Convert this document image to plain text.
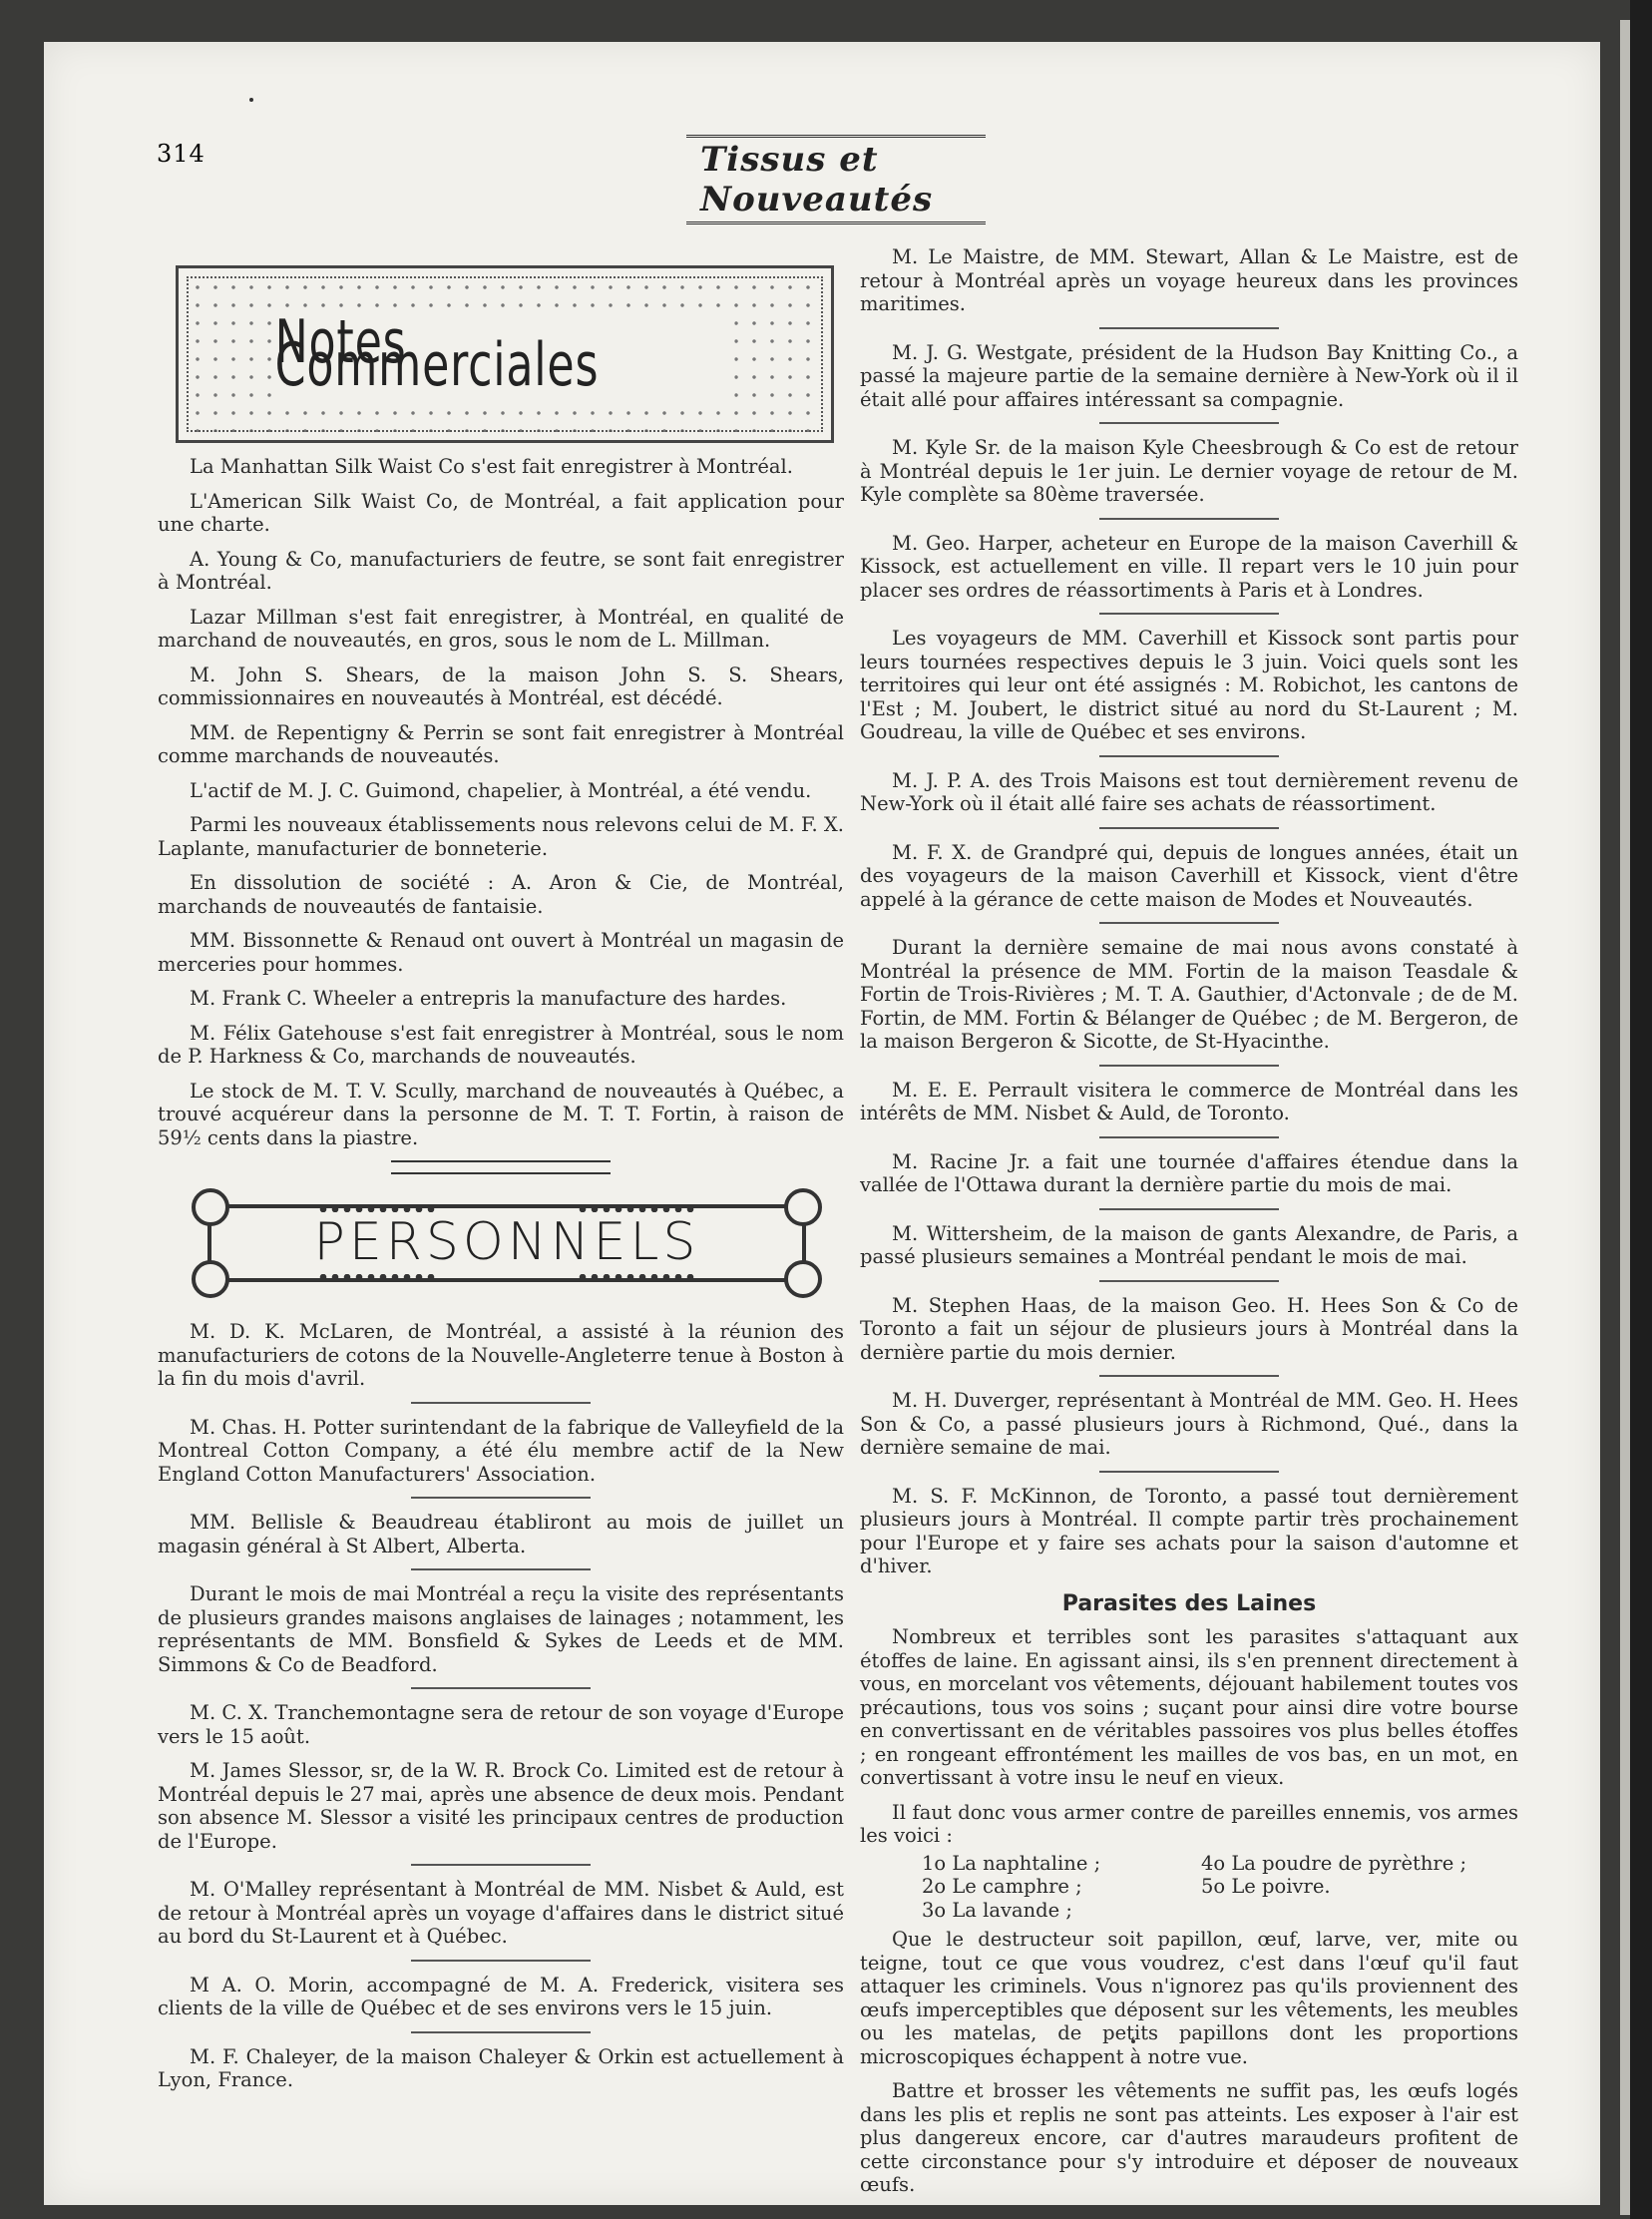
314	Tissus et Nouveautés
Notes Commerciales

La Manhattan Silk Waist Co s'est fait enregistrer à Montréal.

L'American Silk Waist Co, de Montréal, a fait application pour une charte.

A. Young & Co, manufacturiers de feutre, se sont fait enregistrer à Montréal.

Lazar Millman s'est fait enregistrer, à Montréal, en qualité de marchand de nouveautés, en gros, sous le nom de L. Millman.

M. John S. Shears, de la maison John S. S. Shears, commissionnaires en nouveautés à Montréal, est décédé.

MM. de Repentigny & Perrin se sont fait enregistrer à Montréal comme marchands de nouveautés.

L'actif de M. J. C. Guimond, chapelier, à Montréal, a été vendu.

Parmi les nouveaux établissements nous relevons celui de M. F. X. Laplante, manufacturier de bonneterie.

En dissolution de société : A. Aron & Cie, de Montréal, marchands de nouveautés de fantaisie.

MM. Bissonnette & Renaud ont ouvert à Montréal un magasin de merceries pour hommes.

M. Frank C. Wheeler a entrepris la manufacture des hardes.

M. Félix Gatehouse s'est fait enregistrer à Montréal, sous le nom de P. Harkness & Co, marchands de nouveautés.

Le stock de M. T. V. Scully, marchand de nouveautés à Québec, a trouvé acquéreur dans la personne de M. T. T. Fortin, à raison de 59½ cents dans la piastre.

PERSONNELS

M. D. K. McLaren, de Montréal, a assisté à la réunion des manufacturiers de cotons de la Nouvelle-Angleterre tenue à Boston à la fin du mois d'avril.

M. Chas. H. Potter surintendant de la fabrique de Valleyfield de la Montreal Cotton Company, a été élu membre actif de la New England Cotton Manufacturers' Association.

MM. Bellisle & Beaudreau établiront au mois de juillet un magasin général à St Albert, Alberta.

Durant le mois de mai Montréal a reçu la visite des représentants de plusieurs grandes maisons anglaises de lainages ; notamment, les représentants de MM. Bonsfield & Sykes de Leeds et de MM. Simmons & Co de Beadford.

M. C. X. Tranchemontagne sera de retour de son voyage d'Europe vers le 15 août.

M. James Slessor, sr, de la W. R. Brock Co. Limited est de retour à Montréal depuis le 27 mai, après une absence de deux mois. Pendant son absence M. Slessor a visité les principaux centres de production de l'Europe.

M. O'Malley représentant à Montréal de MM. Nisbet & Auld, est de retour à Montréal après un voyage d'affaires dans le district situé au bord du St-Laurent et à Québec.

M A. O. Morin, accompagné de M. A. Frederick, visitera ses clients de la ville de Québec et de ses environs vers le 15 juin.

M. F. Chaleyer, de la maison Chaleyer & Orkin est actuellement à Lyon, France.

M. Le Maistre, de MM. Stewart, Allan & Le Maistre, est de retour à Montréal après un voyage heureux dans les provinces maritimes.

M. J. G. Westgate, président de la Hudson Bay Knitting Co., a passé la majeure partie de la semaine dernière à New-York où il il était allé pour affaires intéressant sa compagnie.

M. Kyle Sr. de la maison Kyle Cheesbrough & Co est de retour à Montréal depuis le 1er juin. Le dernier voyage de retour de M. Kyle complète sa 80ème traversée.

M. Geo. Harper, acheteur en Europe de la maison Caverhill & Kissock, est actuellement en ville. Il repart vers le 10 juin pour placer ses ordres de réassortiments à Paris et à Londres.

Les voyageurs de MM. Caverhill et Kissock sont partis pour leurs tournées respectives depuis le 3 juin. Voici quels sont les territoires qui leur ont été assignés : M. Robichot, les cantons de l'Est ; M. Joubert, le district situé au nord du St-Laurent ; M. Goudreau, la ville de Québec et ses environs.

M. J. P. A. des Trois Maisons est tout dernièrement revenu de New-York où il était allé faire ses achats de réassortiment.

M. F. X. de Grandpré qui, depuis de longues années, était un des voyageurs de la maison Caverhill et Kissock, vient d'être appelé à la gérance de cette maison de Modes et Nouveautés.

Durant la dernière semaine de mai nous avons constaté à Montréal la présence de MM. Fortin de la maison Teasdale & Fortin de Trois-Rivières ; M. T. A. Gauthier, d'Actonvale ; de de M. Fortin, de MM. Fortin & Bélanger de Québec ; de M. Bergeron, de la maison Bergeron & Sicotte, de St-Hyacinthe.

M. E. E. Perrault visitera le commerce de Montréal dans les intérêts de MM. Nisbet & Auld, de Toronto.

M. Racine Jr. a fait une tournée d'affaires étendue dans la vallée de l'Ottawa durant la dernière partie du mois de mai.

M. Wittersheim, de la maison de gants Alexandre, de Paris, a passé plusieurs semaines a Montréal pendant le mois de mai.

M. Stephen Haas, de la maison Geo. H. Hees Son & Co de Toronto a fait un séjour de plusieurs jours à Montréal dans la dernière partie du mois dernier.

M. H. Duverger, représentant à Montréal de MM. Geo. H. Hees Son & Co, a passé plusieurs jours à Richmond, Qué., dans la dernière semaine de mai.

M. S. F. McKinnon, de Toronto, a passé tout dernièrement plusieurs jours à Montréal. Il compte partir très prochainement pour l'Europe et y faire ses achats pour la saison d'automne et d'hiver.

Parasites des Laines

Nombreux et terribles sont les parasites s'attaquant aux étoffes de laine. En agissant ainsi, ils s'en prennent directement à vous, en morcelant vos vêtements, déjouant habilement toutes vos précautions, tous vos soins ; suçant pour ainsi dire votre bourse en convertissant en de véritables passoires vos plus belles étoffes ; en rongeant effrontément les mailles de vos bas, en un mot, en convertissant à votre insu le neuf en vieux.

Il faut donc vous armer contre de pareilles ennemis, vos armes les voici :

1o La naphtaline ;	4o La poudre de pyrèthre ;
2o Le camphre ;	5o Le poivre.
3o La lavande ;

Que le destructeur soit papillon, œuf, larve, ver, mite ou teigne, tout ce que vous voudrez, c'est dans l'œuf qu'il faut attaquer les criminels. Vous n'ignorez pas qu'ils proviennent des œufs imperceptibles que déposent sur les vêtements, les meubles ou les matelas, de petits papillons dont les proportions microscopiques échappent à notre vue.

Battre et brosser les vêtements ne suffit pas, les œufs logés dans les plis et replis ne sont pas atteints. Les exposer à l'air est plus dangereux encore, car d'autres maraudeurs profitent de cette circonstance pour s'y introduire et déposer de nouveaux œufs.
